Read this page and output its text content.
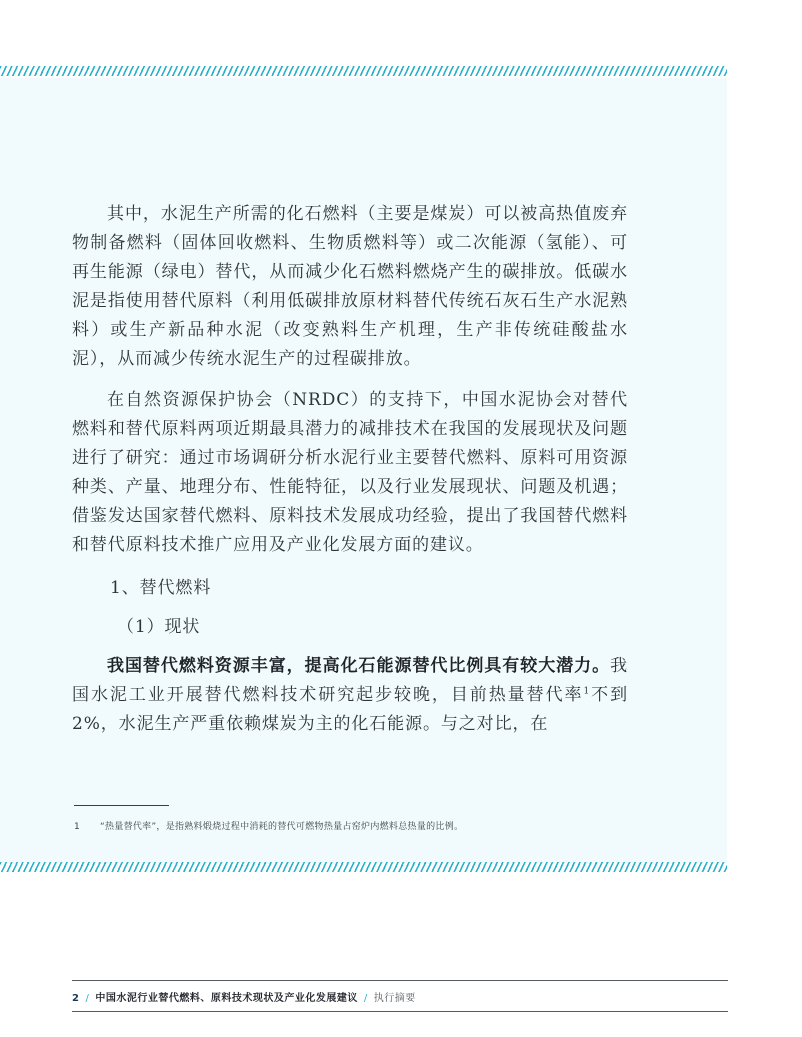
其中，水泥生产所需的化石燃料（主要是煤炭）可以被高热值废弃物制备燃料（固体回收燃料、生物质燃料等）或二次能源（氢能）、可再生能源（绿电）替代，从而减少化石燃料燃烧产生的碳排放。低碳水泥是指使用替代原料（利用低碳排放原材料替代传统石灰石生产水泥熟料）或生产新品种水泥（改变熟料生产机理，生产非传统硅酸盐水泥），从而减少传统水泥生产的过程碳排放。

在自然资源保护协会（NRDC）的支持下，中国水泥协会对替代燃料和替代原料两项近期最具潜力的减排技术在我国的发展现状及问题进行了研究：通过市场调研分析水泥行业主要替代燃料、原料可用资源种类、产量、地理分布、性能特征，以及行业发展现状、问题及机遇；借鉴发达国家替代燃料、原料技术发展成功经验，提出了我国替代燃料和替代原料技术推广应用及产业化发展方面的建议。

1、替代燃料
（1）现状

我国替代燃料资源丰富，提高化石能源替代比例具有较大潜力。我国水泥工业开展替代燃料技术研究起步较晚，目前热量替代率$^1$不到2%，水泥生产严重依赖煤炭为主的化石能源。与之对比，在

1 “热量替代率”，是指熟料煅烧过程中消耗的替代可燃物热量占窑炉内燃料总热量的比例。
2 / 中国水泥行业替代燃料、原料技术现状及产业化发展建议 / 执行摘要
